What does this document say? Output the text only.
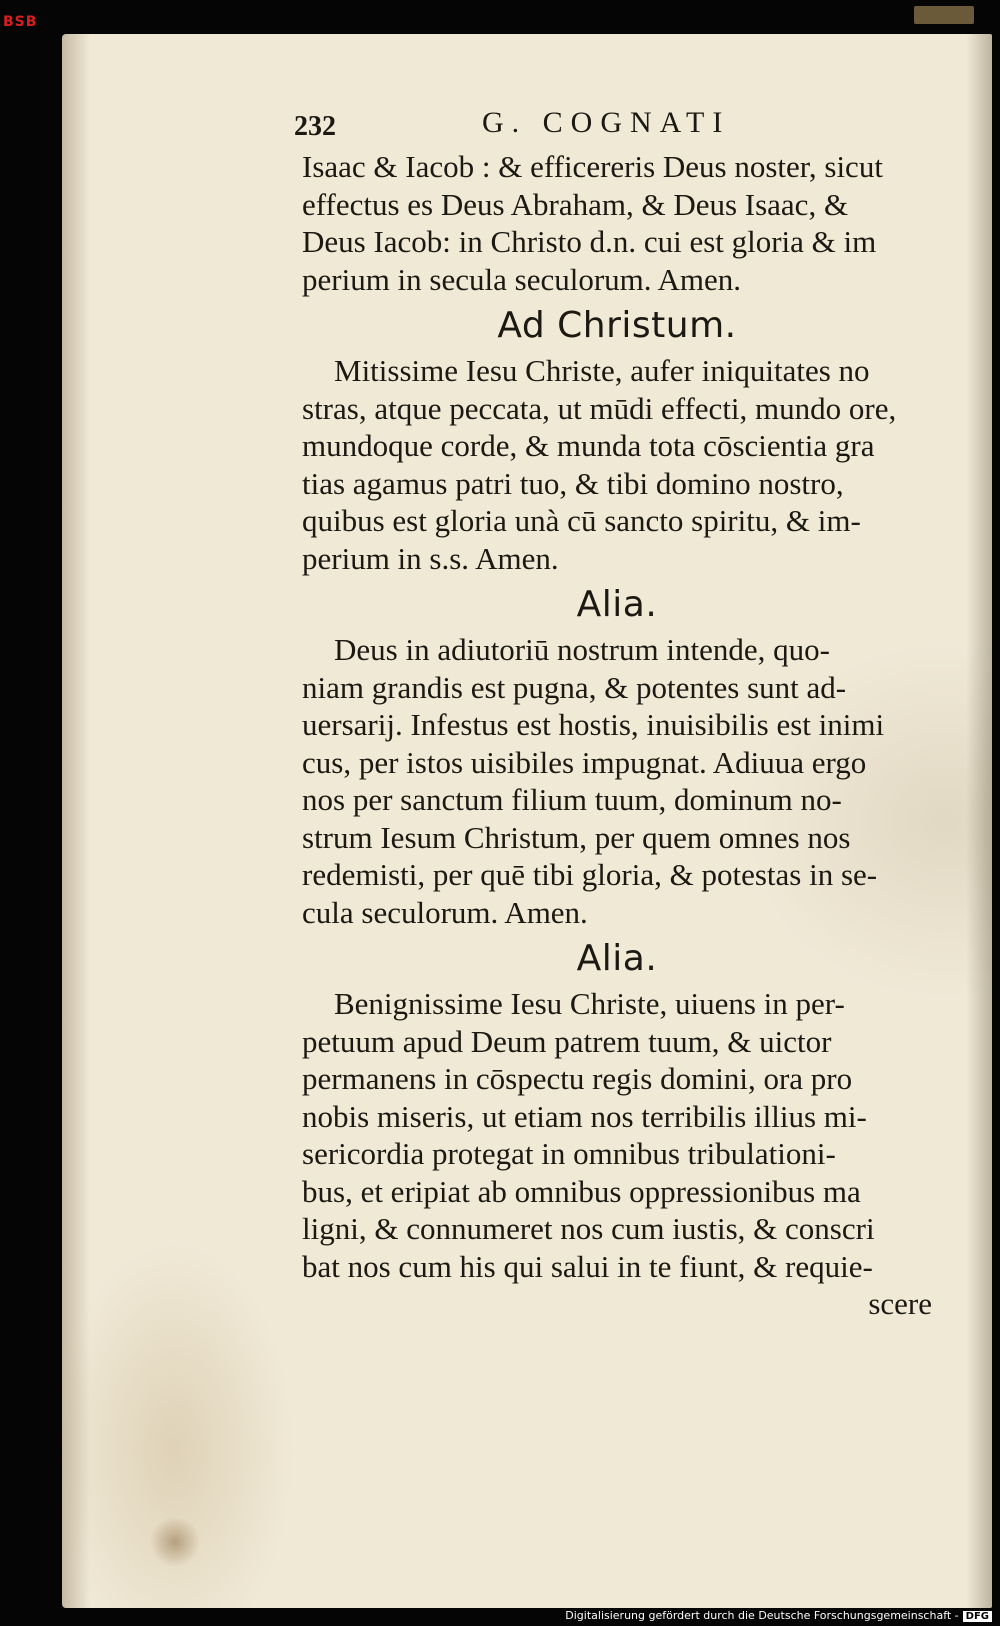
BSB
232	G. COGNATI
Isaac & Iacob : & efficereris Deus noster, sicut
effectus es Deus Abraham, & Deus Isaac, &
Deus Iacob: in Christo d.n. cui est gloria & im
perium in secula seculorum. Amen.
Ad Christum.
Mitissime Iesu Christe, aufer iniquitates no
stras, atque peccata, ut mūdi effecti, mundo ore,
mundoque corde, & munda tota cōscientia gra
tias agamus patri tuo, & tibi domino nostro,
quibus est gloria unà cū sancto spiritu, & im-
perium in s.s. Amen.
Alia.
Deus in adiutoriū nostrum intende, quo-
niam grandis est pugna, & potentes sunt ad-
uersarij. Infestus est hostis, inuisibilis est inimi
cus, per istos uisibiles impugnat. Adiuua ergo
nos per sanctum filium tuum, dominum no-
strum Iesum Christum, per quem omnes nos
redemisti, per quē tibi gloria, & potestas in se-
cula seculorum. Amen.
Alia.
Benignissime Iesu Christe, uiuens in per-
petuum apud Deum patrem tuum, & uictor
permanens in cōspectu regis domini, ora pro
nobis miseris, ut etiam nos terribilis illius mi-
sericordia protegat in omnibus tribulationi-
bus, et eripiat ab omnibus oppressionibus ma
ligni, & connumeret nos cum iustis, & conscri
bat nos cum his qui salui in te fiunt, & requie-
scere
Digitalisierung gefördert durch die Deutsche Forschungsgemeinschaft - DFG
